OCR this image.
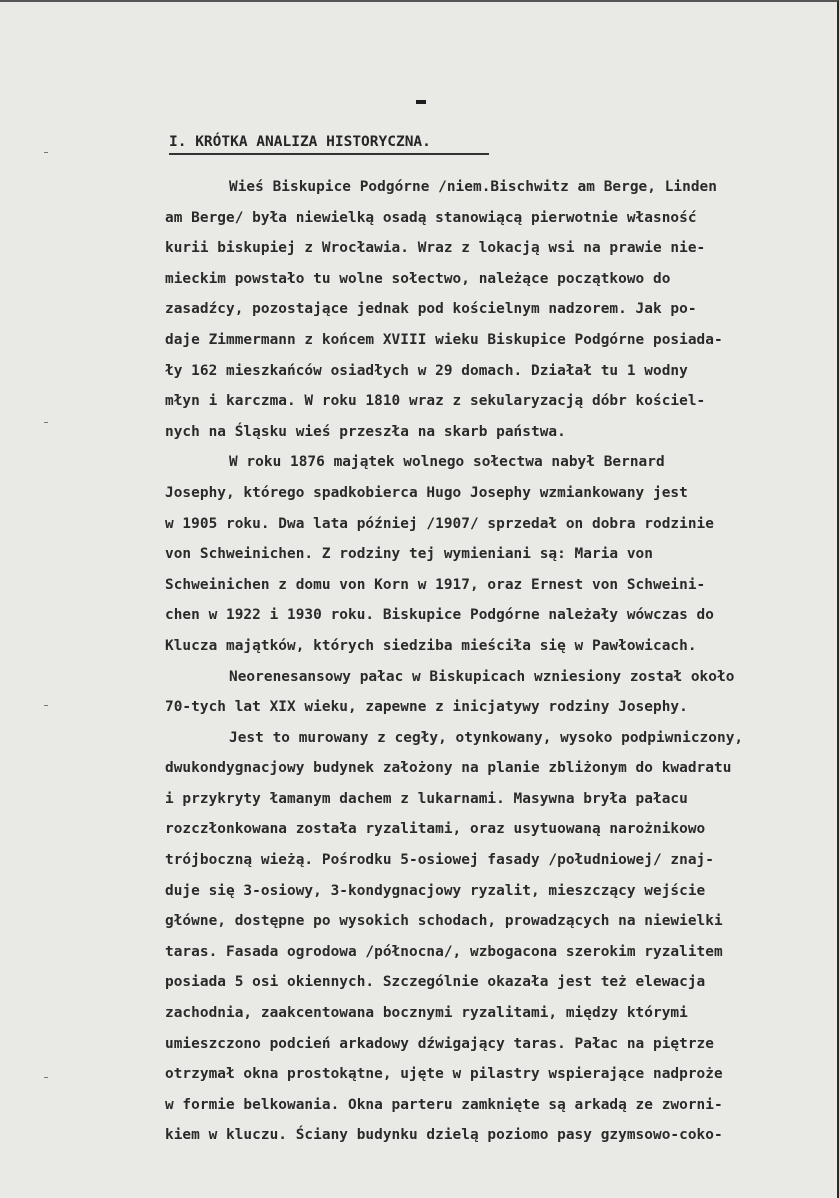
I. KRÓTKA ANALIZA HISTORYCZNA.
Wieś Biskupice Podgórne /niem.Bischwitz am Berge, Linden
am Berge/ była niewielką osadą stanowiącą pierwotnie własność
kurii biskupiej z Wrocławia. Wraz z lokacją wsi na prawie nie-
mieckim powstało tu wolne sołectwo, należące początkowo do
zasadźcy, pozostające jednak pod kościelnym nadzorem. Jak po-
daje Zimmermann z końcem XVIII wieku Biskupice Podgórne posiada-
ły 162 mieszkańców osiadłych w 29 domach. Działał tu 1 wodny
młyn i karczma. W roku 1810 wraz z sekularyzacją dóbr kościel-
nych na Śląsku wieś przeszła na skarb państwa.
W roku 1876 majątek wolnego sołectwa nabył Bernard
Josephy, którego spadkobierca Hugo Josephy wzmiankowany jest
w 1905 roku. Dwa lata później /1907/ sprzedał on dobra rodzinie
von Schweinichen. Z rodziny tej wymieniani są: Maria von
Schweinichen z domu von Korn w 1917, oraz Ernest von Schweini-
chen w 1922 i 1930 roku. Biskupice Podgórne należały wówczas do
Klucza majątków, których siedziba mieściła się w Pawłowicach.
Neorenesansowy pałac w Biskupicach wzniesiony został około
70-tych lat XIX wieku, zapewne z inicjatywy rodziny Josephy.
Jest to murowany z cegły, otynkowany, wysoko podpiwniczony,
dwukondygnacjowy budynek założony na planie zbliżonym do kwadratu
i przykryty łamanym dachem z lukarnami. Masywna bryła pałacu
rozczłonkowana została ryzalitami, oraz usytuowaną narożnikowo
trójboczną wieżą. Pośrodku 5-osiowej fasady /południowej/ znaj-
duje się 3-osiowy, 3-kondygnacjowy ryzalit, mieszczący wejście
główne, dostępne po wysokich schodach, prowadzących na niewielki
taras. Fasada ogrodowa /północna/, wzbogacona szerokim ryzalitem
posiada 5 osi okiennych. Szczególnie okazała jest też elewacja
zachodnia, zaakcentowana bocznymi ryzalitami, między którymi
umieszczono podcień arkadowy dźwigający taras. Pałac na piętrze
otrzymał okna prostokątne, ujęte w pilastry wspierające nadproże
w formie belkowania. Okna parteru zamknięte są arkadą ze zworni-
kiem w kluczu. Ściany budynku dzielą poziomo pasy gzymsowo-coko-
